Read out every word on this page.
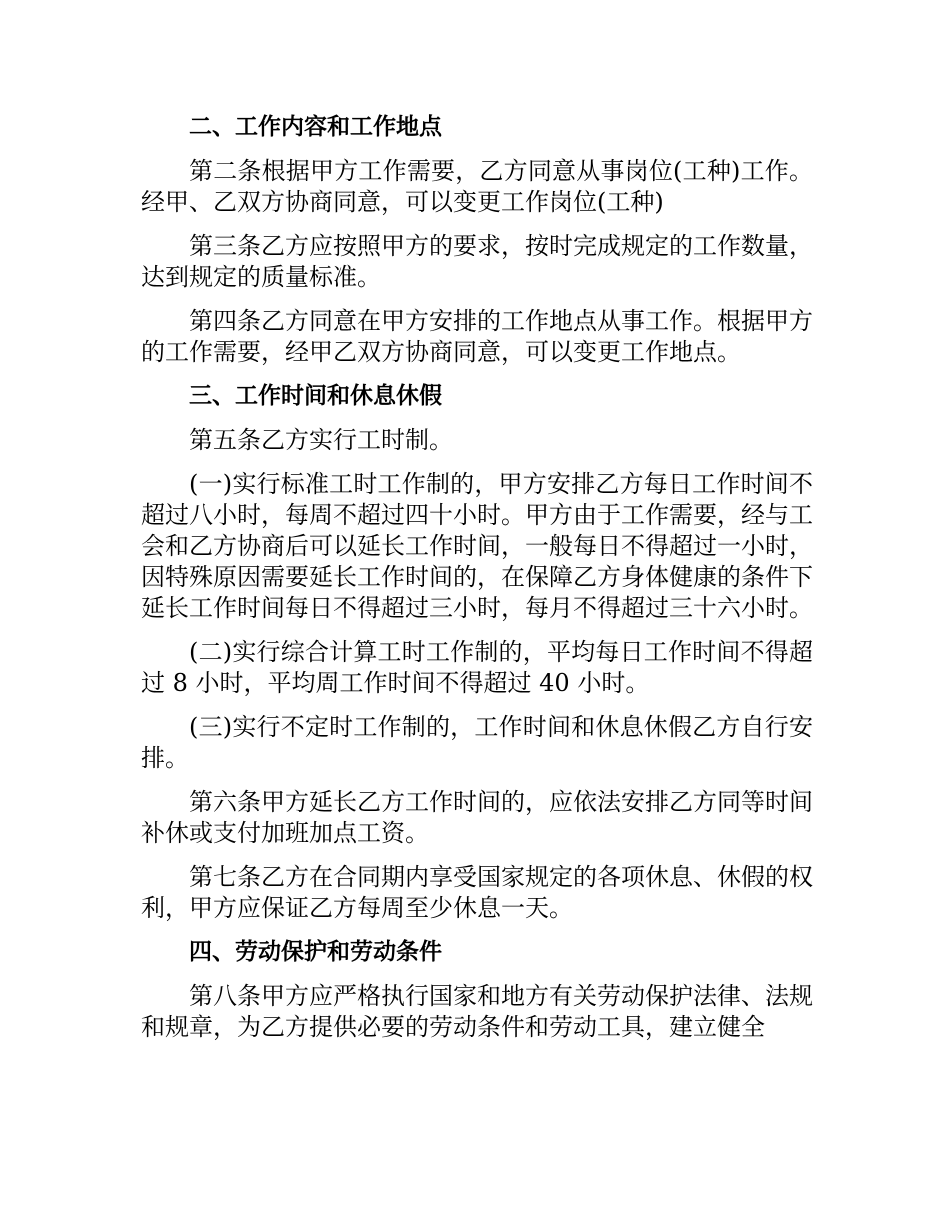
二、工作内容和工作地点

第二条根据甲方工作需要，乙方同意从事岗位(工种)工作。经甲、乙双方协商同意，可以变更工作岗位(工种)

第三条乙方应按照甲方的要求，按时完成规定的工作数量，达到规定的质量标准。

第四条乙方同意在甲方安排的工作地点从事工作。根据甲方的工作需要，经甲乙双方协商同意，可以变更工作地点。

三、工作时间和休息休假

第五条乙方实行工时制。

(一)实行标准工时工作制的，甲方安排乙方每日工作时间不超过八小时，每周不超过四十小时。甲方由于工作需要，经与工会和乙方协商后可以延长工作时间，一般每日不得超过一小时，因特殊原因需要延长工作时间的，在保障乙方身体健康的条件下延长工作时间每日不得超过三小时，每月不得超过三十六小时。

(二)实行综合计算工时工作制的，平均每日工作时间不得超过 8 小时，平均周工作时间不得超过 40 小时。

(三)实行不定时工作制的，工作时间和休息休假乙方自行安排。

第六条甲方延长乙方工作时间的，应依法安排乙方同等时间补休或支付加班加点工资。

第七条乙方在合同期内享受国家规定的各项休息、休假的权利，甲方应保证乙方每周至少休息一天。

四、劳动保护和劳动条件

第八条甲方应严格执行国家和地方有关劳动保护法律、法规和规章，为乙方提供必要的劳动条件和劳动工具，建立健全
